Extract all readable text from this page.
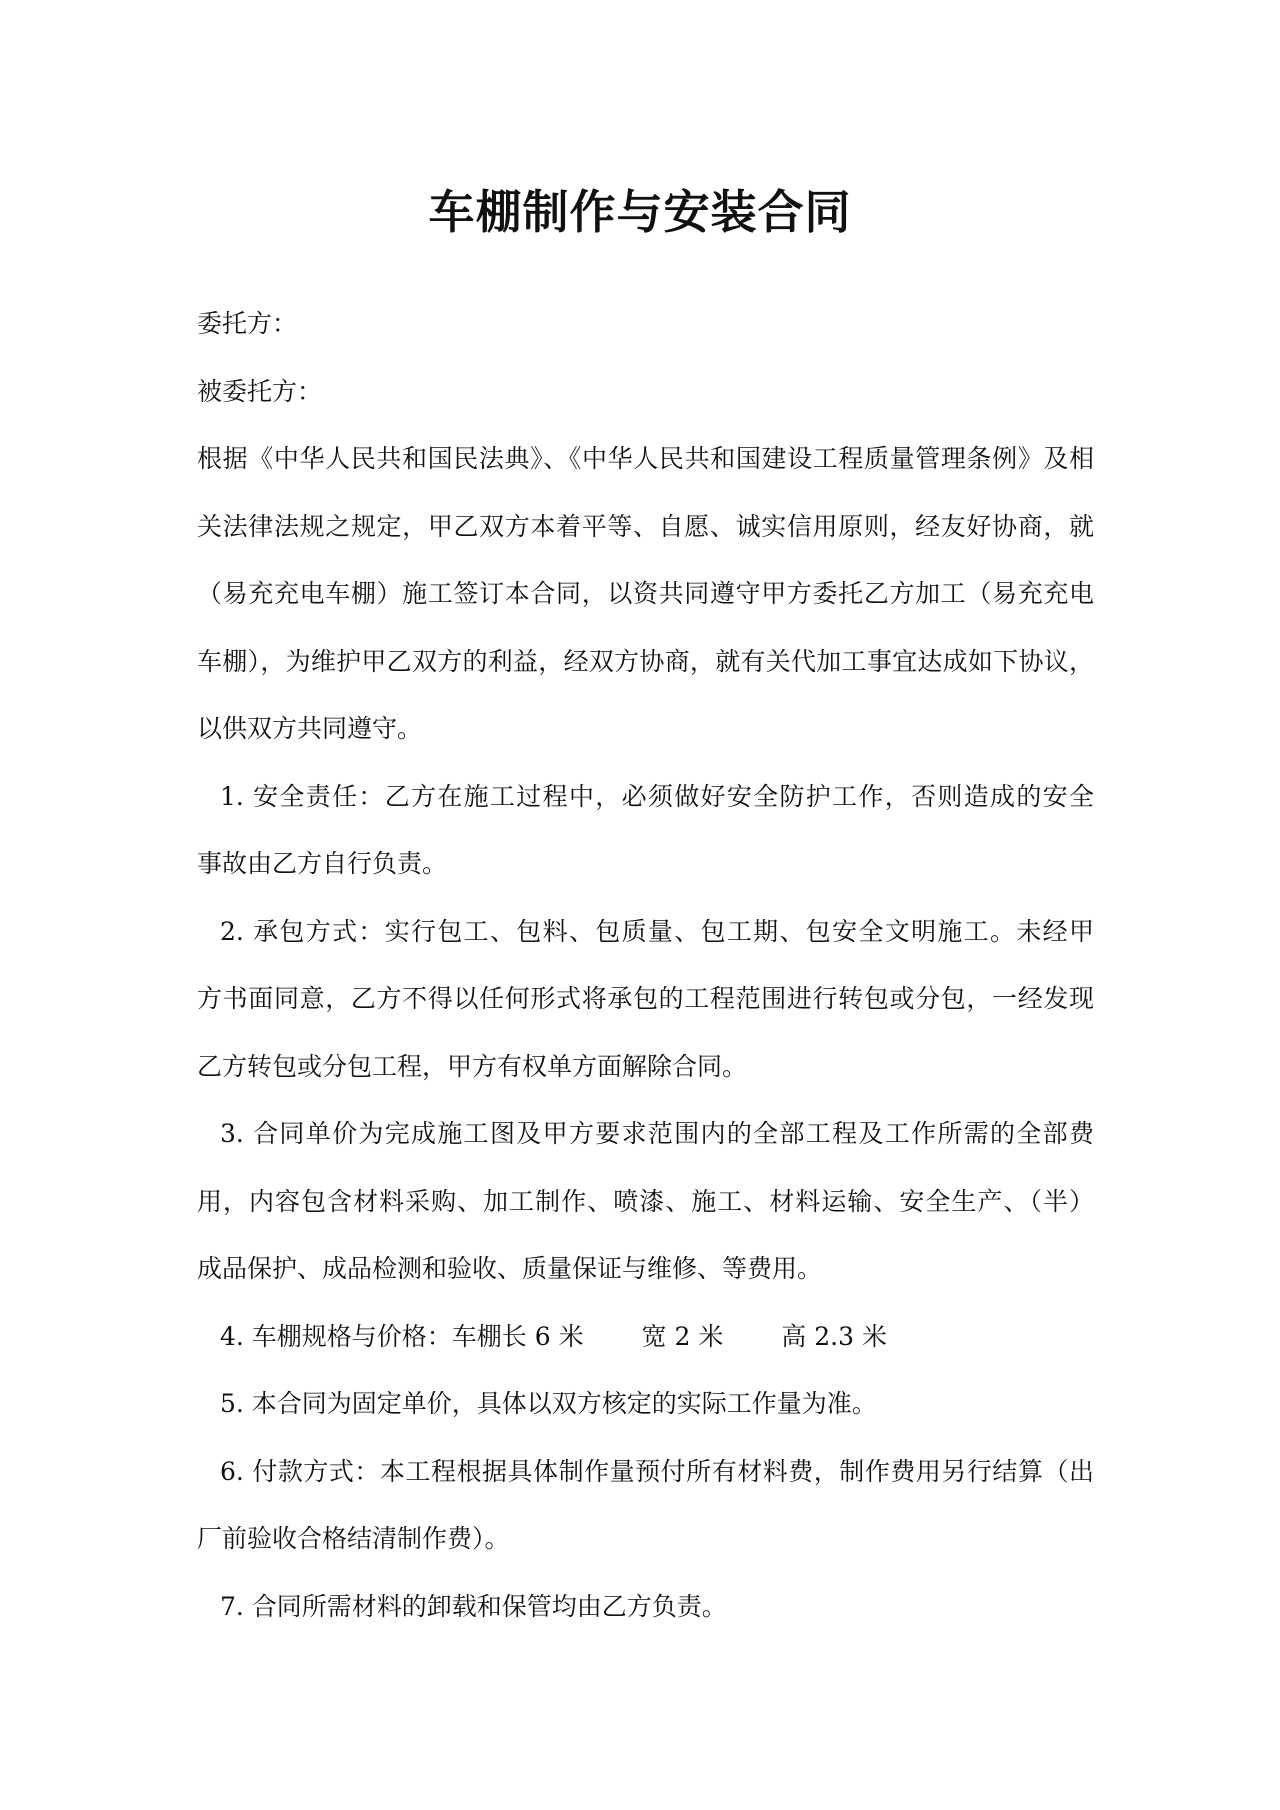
车棚制作与安装合同
委托方：
被委托方：
根据《中华人民共和国民法典》、《中华人民共和国建设工程质量管理条例》及相
关法律法规之规定，甲乙双方本着平等、自愿、诚实信用原则，经友好协商，就
（易充充电车棚）施工签订本合同，以资共同遵守甲方委托乙方加工（易充充电
车棚），为维护甲乙双方的利益，经双方协商，就有关代加工事宜达成如下协议，
以供双方共同遵守。
1. 安全责任：乙方在施工过程中，必须做好安全防护工作，否则造成的安全
事故由乙方自行负责。
2. 承包方式：实行包工、包料、包质量、包工期、包安全文明施工。未经甲
方书面同意，乙方不得以任何形式将承包的工程范围进行转包或分包，一经发现
乙方转包或分包工程，甲方有权单方面解除合同。
3. 合同单价为完成施工图及甲方要求范围内的全部工程及工作所需的全部费
用，内容包含材料采购、加工制作、喷漆、施工、材料运输、安全生产、（半）
成品保护、成品检测和验收、质量保证与维修、等费用。
4. 车棚规格与价格：车棚长 6 米　　 宽 2 米　　 高 2.3 米
5. 本合同为固定单价，具体以双方核定的实际工作量为准。
6. 付款方式：本工程根据具体制作量预付所有材料费，制作费用另行结算（出
厂前验收合格结清制作费）。
7. 合同所需材料的卸载和保管均由乙方负责。
